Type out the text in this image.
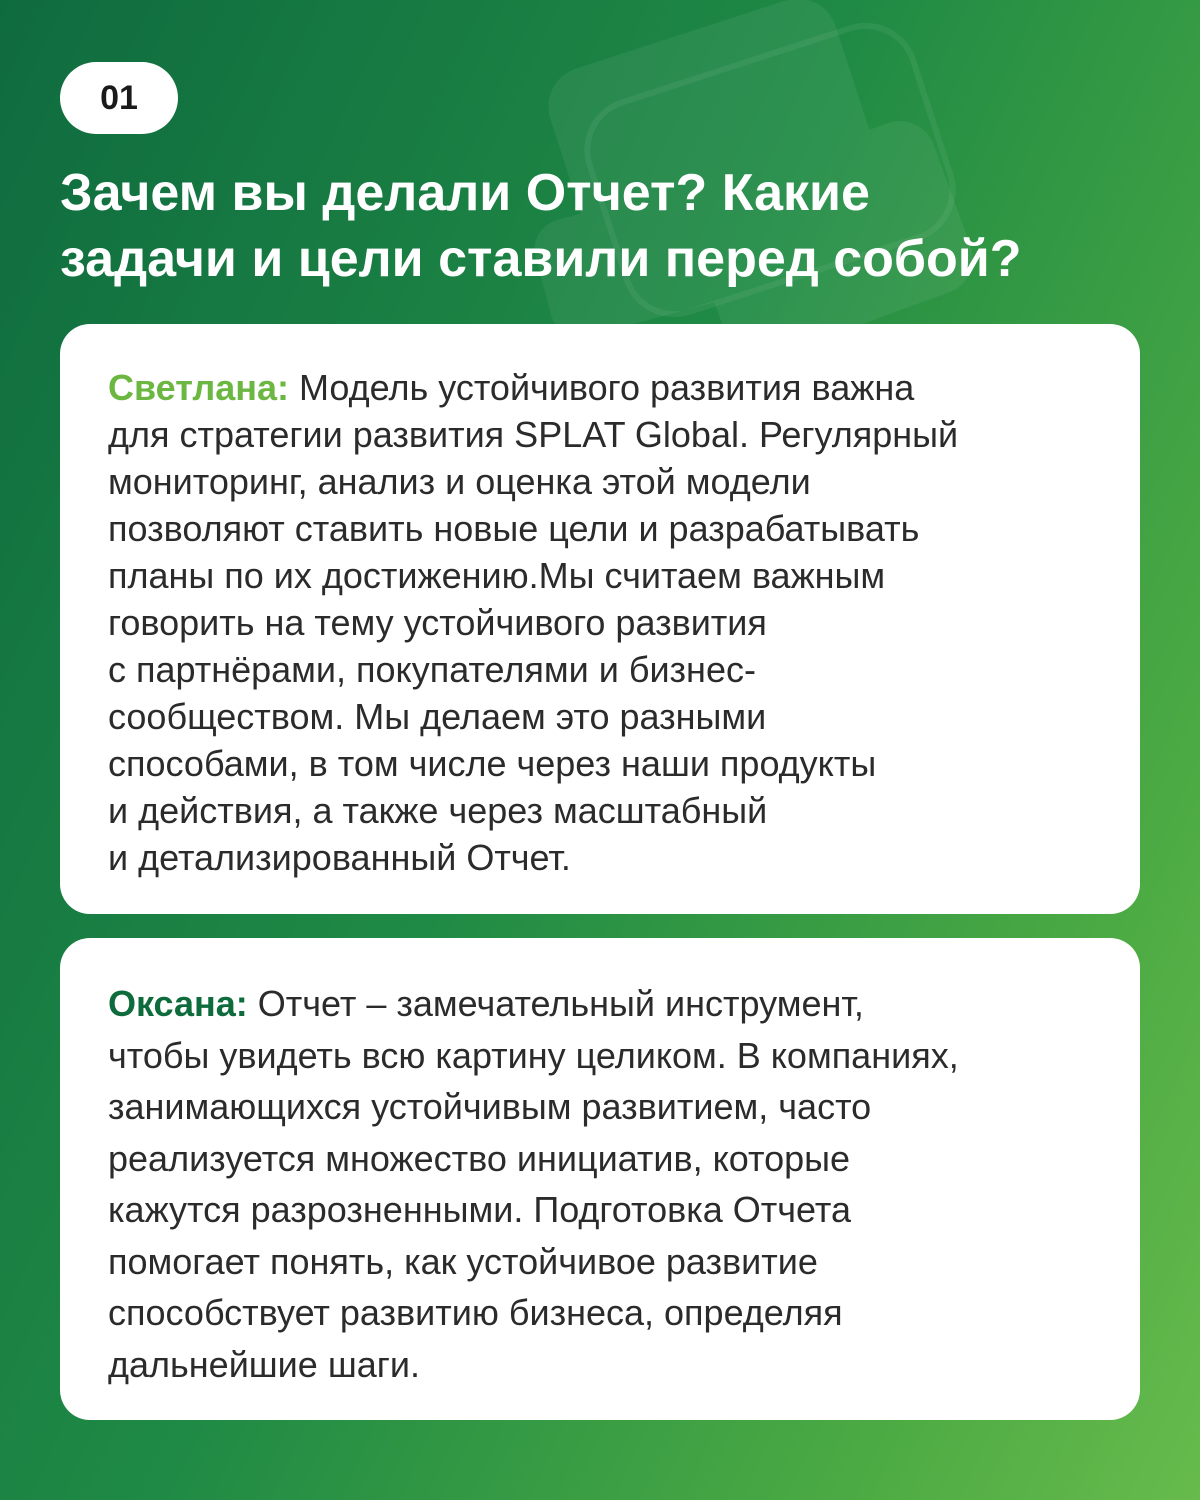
01
Зачем вы делали Отчет? Какие
задачи и цели ставили перед собой?

Светлана: Модель устойчивого развития важна
для стратегии развития SPLAT Global. Регулярный
мониторинг, анализ и оценка этой модели
позволяют ставить новые цели и разрабатывать
планы по их достижению.Мы считаем важным
говорить на тему устойчивого развития
с партнёрами, покупателями и бизнес-
сообществом. Мы делаем это разными
способами, в том числе через наши продукты
и действия, а также через масштабный
и детализированный Отчет.

Оксана: Отчет – замечательный инструмент,
чтобы увидеть всю картину целиком. В компаниях,
занимающихся устойчивым развитием, часто
реализуется множество инициатив, которые
кажутся разрозненными. Подготовка Отчета
помогает понять, как устойчивое развитие
способствует развитию бизнеса, определяя
дальнейшие шаги.
